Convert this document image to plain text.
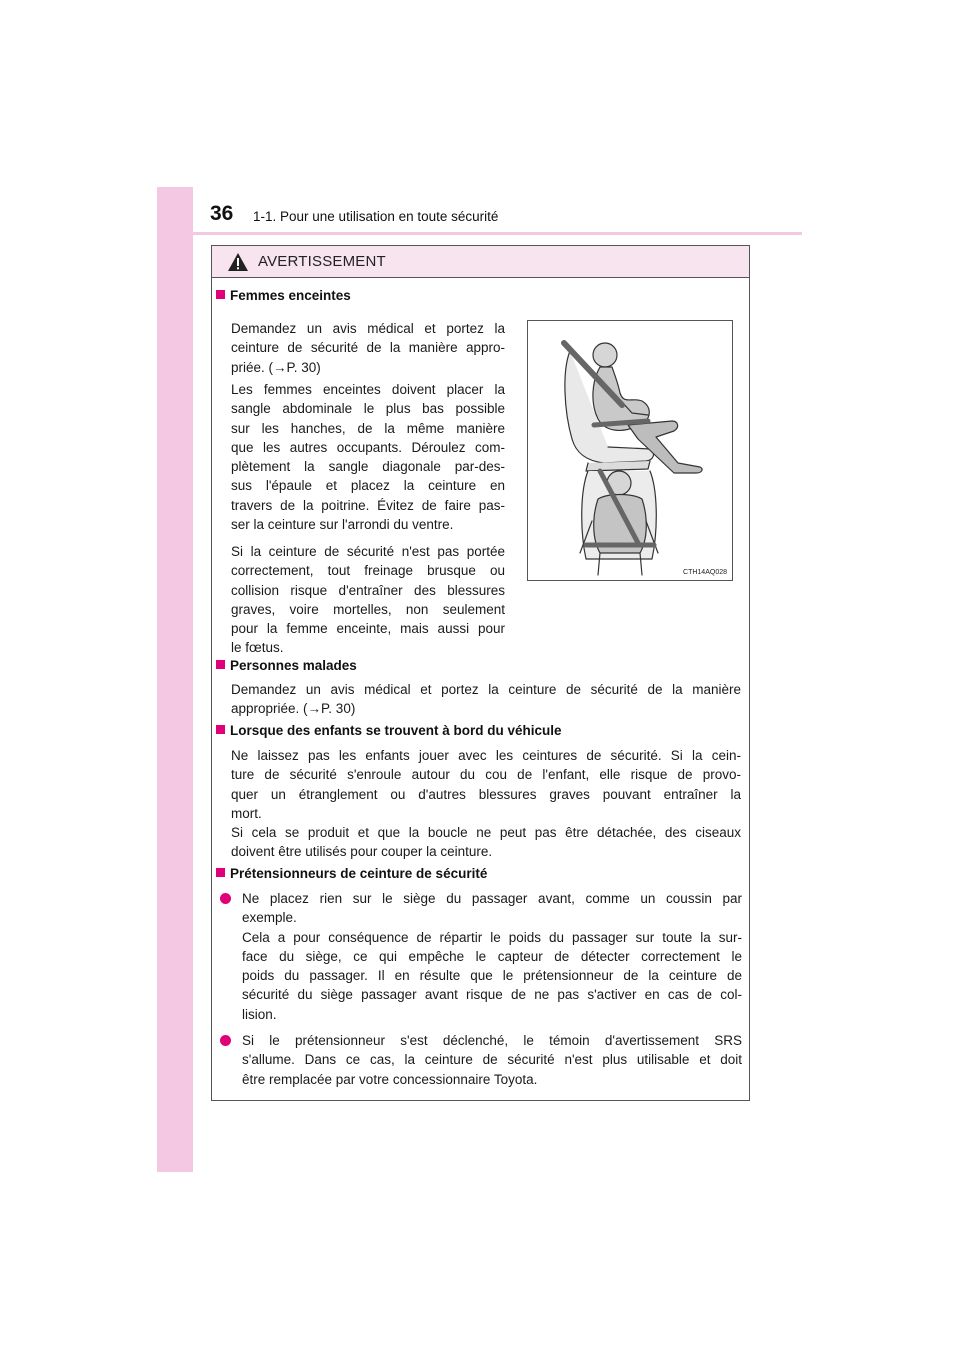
36 1-1. Pour une utilisation en toute sécurité
AVERTISSEMENT
Femmes enceintes
Demandez un avis médical et portez la
ceinture de sécurité de la manière appro-
priée. (→P. 30)
Les femmes enceintes doivent placer la
sangle abdominale le plus bas possible
sur les hanches, de la même manière
que les autres occupants. Déroulez com-
plètement la sangle diagonale par-des-
sus l'épaule et placez la ceinture en
travers de la poitrine. Évitez de faire pas-
ser la ceinture sur l'arrondi du ventre.
Si la ceinture de sécurité n'est pas portée
correctement, tout freinage brusque ou
collision risque d'entraîner des blessures
graves, voire mortelles, non seulement
pour la femme enceinte, mais aussi pour
le fœtus.
Personnes malades
Demandez un avis médical et portez la ceinture de sécurité de la manière
appropriée. (→P. 30)
Lorsque des enfants se trouvent à bord du véhicule
Ne laissez pas les enfants jouer avec les ceintures de sécurité. Si la cein-
ture de sécurité s'enroule autour du cou de l'enfant, elle risque de provo-
quer un étranglement ou d'autres blessures graves pouvant entraîner la
mort.
Si cela se produit et que la boucle ne peut pas être détachée, des ciseaux
doivent être utilisés pour couper la ceinture.
Prétensionneurs de ceinture de sécurité
Ne placez rien sur le siège du passager avant, comme un coussin par
exemple.
Cela a pour conséquence de répartir le poids du passager sur toute la sur-
face du siège, ce qui empêche le capteur de détecter correctement le
poids du passager. Il en résulte que le prétensionneur de la ceinture de
sécurité du siège passager avant risque de ne pas s'activer en cas de col-
lision.
Si le prétensionneur s'est déclenché, le témoin d'avertissement SRS
s'allume. Dans ce cas, la ceinture de sécurité n'est plus utilisable et doit
être remplacée par votre concessionnaire Toyota.
CTH14AQ028
